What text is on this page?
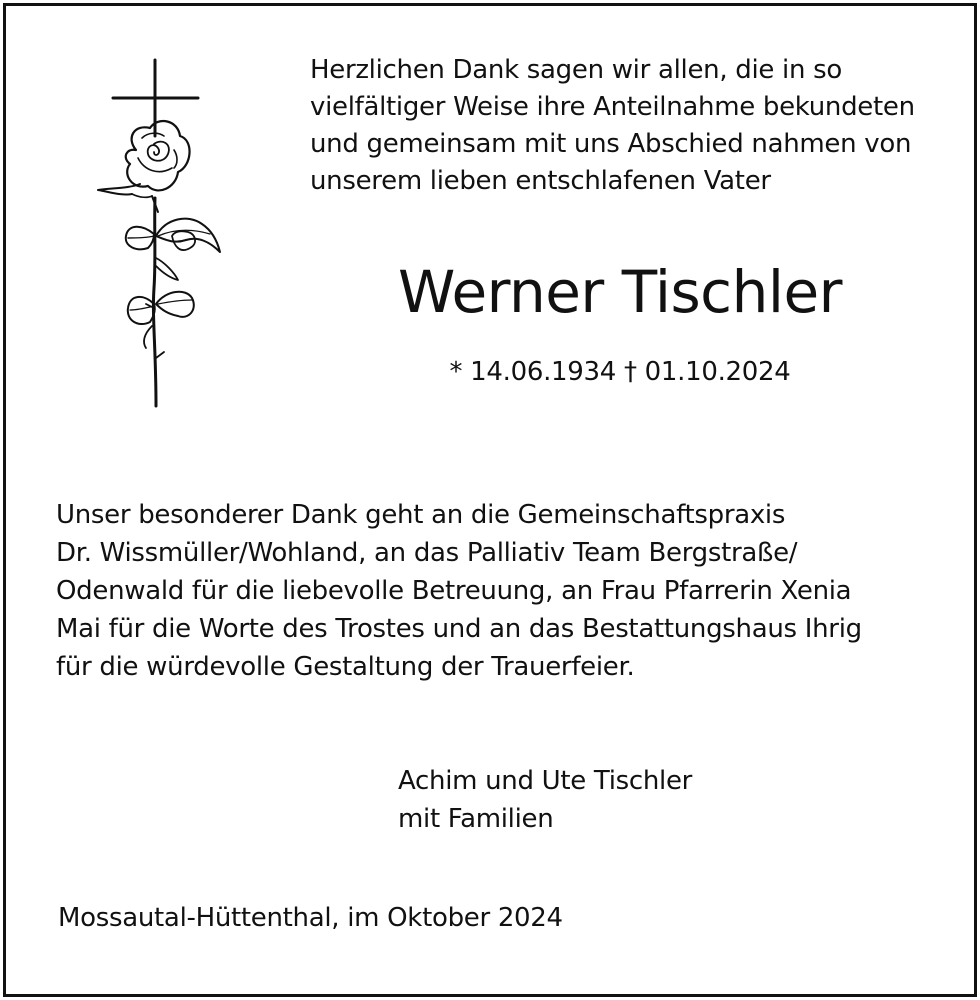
Herzlichen Dank sagen wir allen, die in so
vielfältiger Weise ihre Anteilnahme bekundeten
und gemeinsam mit uns Abschied nahmen von
unserem lieben entschlafenen Vater
Werner Tischler
* 14.06.1934 † 01.10.2024
Unser besonderer Dank geht an die Gemeinschaftspraxis
Dr. Wissmüller/Wohland, an das Palliativ Team Bergstraße/
Odenwald für die liebevolle Betreuung, an Frau Pfarrerin Xenia
Mai für die Worte des Trostes und an das Bestattungshaus Ihrig
für die würdevolle Gestaltung der Trauerfeier.
Achim und Ute Tischler
mit Familien
Mossautal-Hüttenthal, im Oktober 2024
